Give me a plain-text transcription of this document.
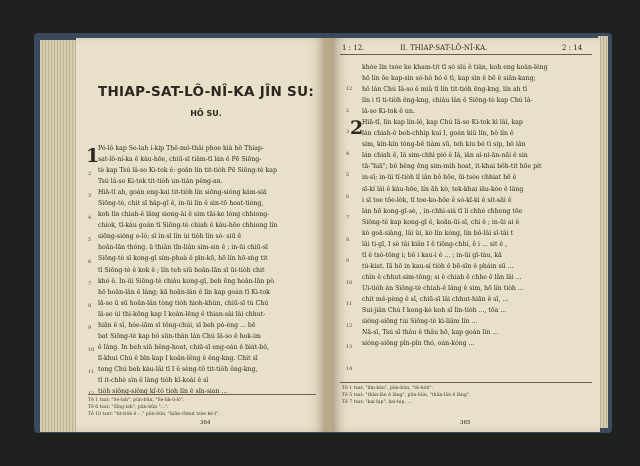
THIAP-SAT-LÔ-NÎ-KA JÎN SU:
HŌ SU.
1
2
3
4
5
6
7
8
9
10
11
12
Pó-lô kap Se-lah í-kip Thê-mô-thâi phoe kià hō Thiap-
sat-lô-ní-ka ê kàu-hōe, chiū-sī tiàm-tī lán ê Pē Siōng-
tè kap Tsú lâ-so Ki-tok ê: goân lín tit-tiòh Pē Siōng-tè kap
Tsú lâ-so Ki-tok tit-tiòh un-tián pêng-an.
Hiā-tī ah, goán eng-kai tit-tiòh lín siōng-sióng kám-siā
Siōng-tè, chit sī hâp-gî ê, in-ūi lín ê sìn-tō hoat-tióng,
koh lín chiah-ê lâng siong-ài ê sim tāi-ke lóng chhiong-
chiok, tī-kàu goán tī Siōng-tè chiah ê kàu-hōe chhiong lín
siōng-sióng o-ló; sī ìn-sī lín ùi tiòh lín só- siū ê
hoān-lān thóng. ū thiân tîn-liân sim-sin ê ; in-ūi chiū-sī
Siōng-tè sī kong-gī sím-phoà ê pīn-kō, hō lín hō-sǹg tit
tī Siōng-tè ê kok ê ; lín teh siū hoān-lān sī ūi-tiòh chit
khó ê. In-ūi Siōng-tè chiàu kong-gī, beh ēng hoān-lān pò
hō hoān-lân ê lâng; kā hoān-lân ê lín kap goán tī Ki-tok
lā-so ū sū hoān-lân tòng tiòh hioh-khùn, chiū-sī tú Chú
lâ-so ùi thi-kōng kap I koân-lêng ê thian-sài lâi chhut-
hiān ê sî, hóe-iām sī tông-chúi, sī beh pò-èng ... bē
bat Siōng-tè kap bô sūn-thàn lán Chú Iâ-so ê hok-im
ê lâng. In beh siū hêng-hoat, chiū-sī eng-oán ê biát-bô,
lī-khui Chú ê bīn kap I koân-lêng ê êng-kng. Chit sī
tong Chú beh kàu-lâi tī I ê sèng-tô tit-tiòh êng-kng,
tī it-chhè sìn ê lâng tiòh kî-koài ê sî
tiòh siông-siông kî-tó tioh lín ê sîn-sian ...
Tē 1 tsat: "Se-lah", pûn-bûn, "Se-lik-ū-lô".
Tē 6 tsat: "Sīng-lah", pûn-bûn "...".
Tē 10 tsat: "tit-tiòh ê ..." pûn-bûn, "kiân-chhut tsòe ké-l".
364
1 : 12.	II. THIAP-SAT-LÔ-NÎ-KA.	2 : 14
2
12
2
3
4
5
6
7
8
9
10
11
12
13
14
khòe lín tsòe ke kham-tit tī só sîú ê tiân, koh eng koân-lêng
hō lín ōe kap-sìn só-hô hó ê tì, kap sìn ê bē ê siān-kang;
hō lán Chú Iâ-so ê miâ tī lín tit-tióh ēng-kng, lín ah tī
lín i tī ti-tiòh êng-kng, chiàu lán ê Siōng-tè kap Chú lâ-
lâ-so Ki-tok ê un.
Hiā-tī, lín kap lín-lê, kap Chú Iâ-so Ki-tok kì lâi, kap
lán chiah-ê beh-chhip kui I, goán kiû lín, bô lín ê
sim, kín-kín tòng-bē tiàm sū, teh kiu bé tì sip, bô iân
lán chiah ê, Iâ sim-chhì pió ê Iâ, iân ai-ni-ān-nāi ê sin
tā-"hiā"; bô bêng ēng sim-mih hoat, it-khai bôh-tit hōe pit
in-sī; in-ūi tī-tiòh lí iân bô hōe, ūi-tsòe chhiat hē ê
sī-kí lâi ê kàu-hōe, lín āh kò, tek-khai iāu-kòe ê lâng
i sī toe tōe-lòk, tī toe-ko-hōe ê só-kî-ki ê sit-sāi ê
lán hō kong-gī-sè, , in-chhì-siá tī lí chhè chheng tōe
Siōng-tè kap kong-gī ê, koān-ūi-sī, chi ê ; in-ūi ai ê
kò goā-siàng, lâi ûi, kò lín kóng, lín bô-lâi sî-tâi t
lâi ti-gī, I sè tâi kiân I ê tiōng-chhí, ê i ... sit ê ,
tī ê tsò-tōng i; bô i kau-i ê ... ; in-ūi gī-tàu, kā
tú-kiat. Iā hō in kau-sí tiòh ê bē-sīn ê pháin sū ...
chìn ê chhut-sim-tōng; si ê chiah ê chhe ê lân lâi ...
Ui-tiòh án Siōng-tè chiah-ê lâng ê sim, hō lín tiòh ...
chit mê-pèng ê sî, chiū-sī lâi chhut-hiān ê sî, ...
Sui-jiân Chú I kong-kè koh sî lín-tiòh ..., tōa ...
sióng-siōng tùi Siōng-tè kì-liâm lín ...
Nā-sī, Tsú sī thâu ê thâu hō, kap goán lín ...
sióng-siōng pîn-pîn thó, oán-kóng ...
Tē 1 tsat: "lím-kâu", pûn-bûn, "tê-tiòh".
Tē 5 tsat: "thân-lân ê lâng", pûn-bûn, "thân-lân ê lâng".
Tē 7 tsat: "kai-hip", kai-hip, ...
365
